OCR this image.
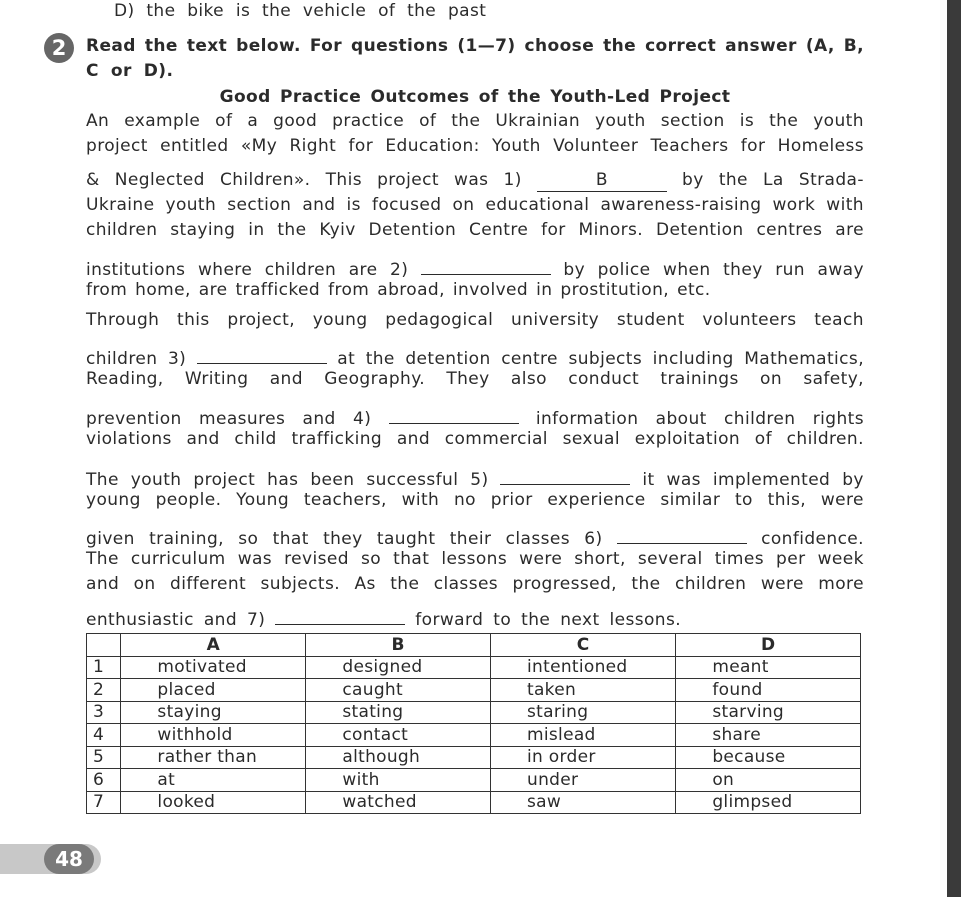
D) the bike is the vehicle of the past
2	Read the text below. For questions (1—7) choose the correct answer (A, B,
C or D).
Good Practice Outcomes of the Youth-Led Project
An example of a good practice of the Ukrainian youth section is the youth
project entitled «My Right for Education: Youth Volunteer Teachers for Homeless
& Neglected Children». This project was 1)	B	by the La Strada-
Ukraine youth section and is focused on educational awareness-raising work with
children staying in the Kyiv Detention Centre for Minors. Detention centres are
institutions where children are 2)	by police when they run away
from home, are trafficked from abroad, involved in prostitution, etc.
Through this project, young pedagogical university student volunteers teach
children 3)	at the detention centre subjects including Mathematics,
Reading, Writing and Geography. They also conduct trainings on safety,
prevention measures and 4)	information about children rights
violations and child trafficking and commercial sexual exploitation of children.
The youth project has been successful 5)	it was implemented by
young people. Young teachers, with no prior experience similar to this, were
given training, so that they taught their classes 6)	confidence.
The curriculum was revised so that lessons were short, several times per week
and on different subjects. As the classes progressed, the children were more
enthusiastic and 7)	forward to the next lessons.
	A	B	C	D
1	motivated	designed	intentioned	meant
2	placed	caught	taken	found
3	staying	stating	staring	starving
4	withhold	contact	mislead	share
5	rather than	although	in order	because
6	at	with	under	on
7	looked	watched	saw	glimpsed
48
